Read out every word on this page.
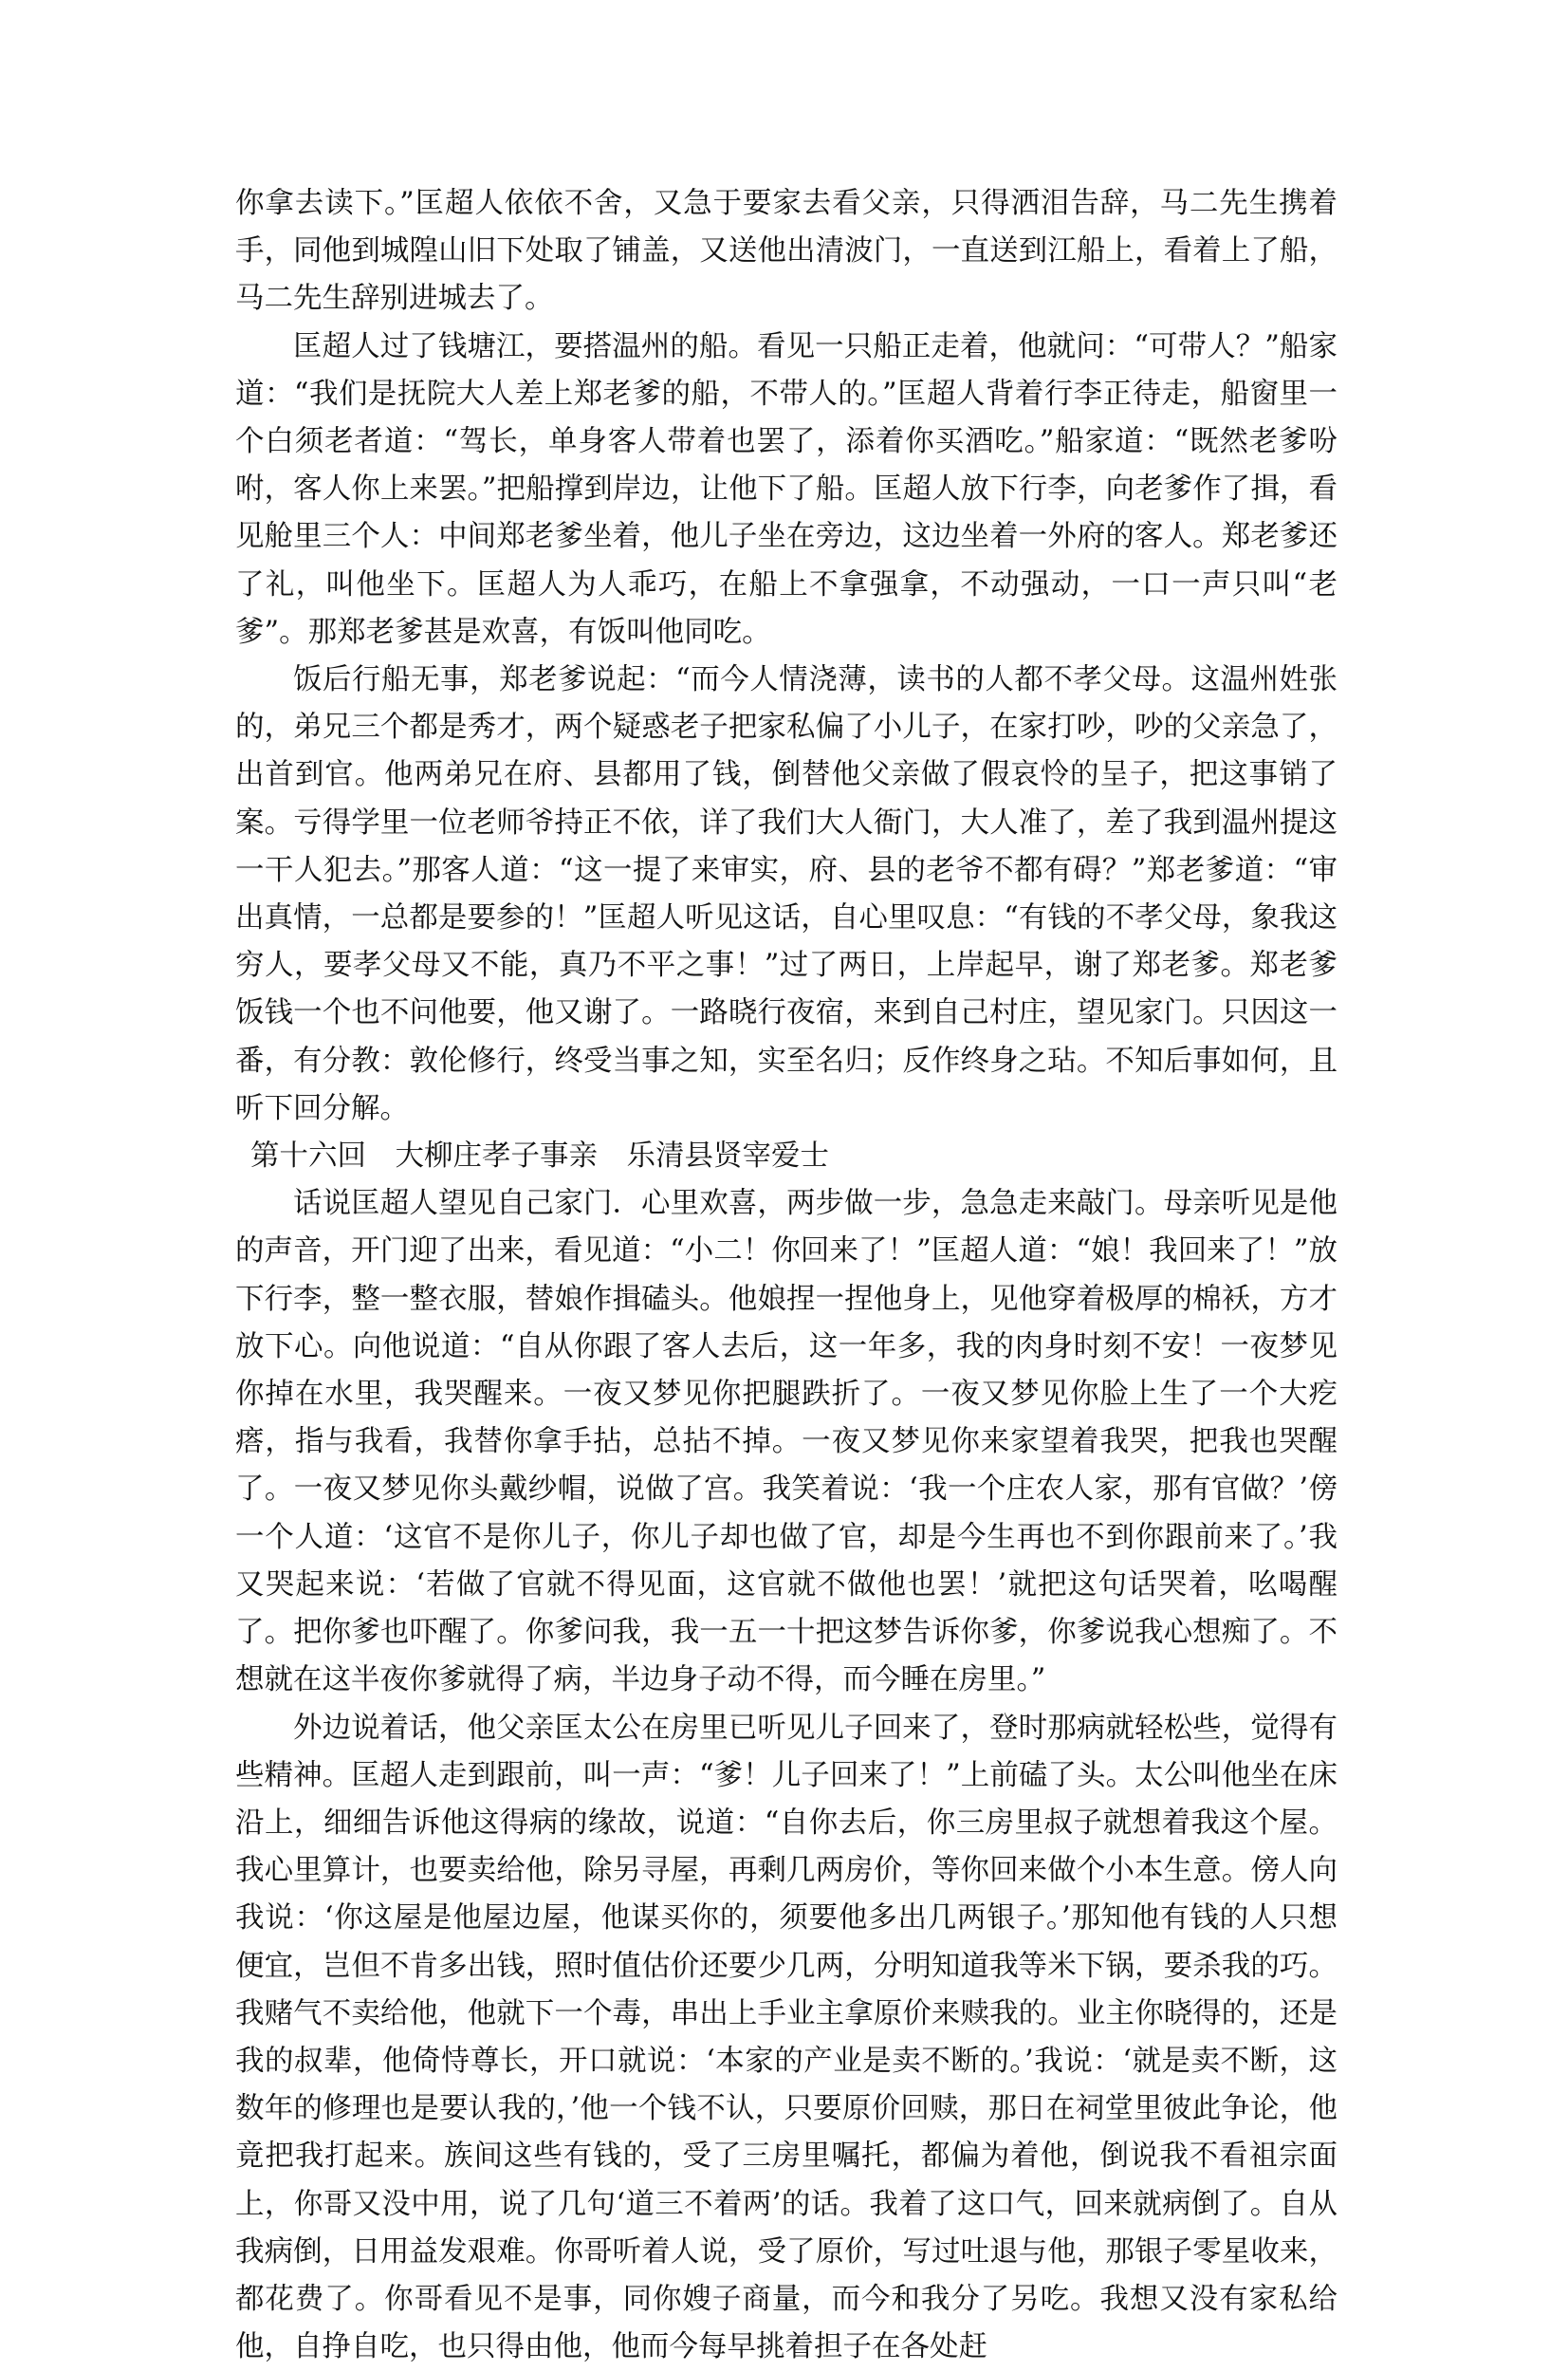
你拿去读下。”匡超人依依不舍，又急于要家去看父亲，只得洒泪告辞，马二先生携着手，同他到城隍山旧下处取了铺盖，又送他出清波门，一直送到江船上，看着上了船，马二先生辞别进城去了。

匡超人过了钱塘江，要搭温州的船。看见一只船正走着，他就问：“可带人？”船家道：“我们是抚院大人差上郑老爹的船，不带人的。”匡超人背着行李正待走，船窗里一个白须老者道：“驾长，单身客人带着也罢了，添着你买酒吃。”船家道：“既然老爹吩咐，客人你上来罢。”把船撑到岸边，让他下了船。匡超人放下行李，向老爹作了揖，看见舱里三个人：中间郑老爹坐着，他儿子坐在旁边，这边坐着一外府的客人。郑老爹还了礼，叫他坐下。匡超人为人乖巧，在船上不拿强拿，不动强动，一口一声只叫“老爹”。那郑老爹甚是欢喜，有饭叫他同吃。

饭后行船无事，郑老爹说起：“而今人情浇薄，读书的人都不孝父母。这温州姓张的，弟兄三个都是秀才，两个疑惑老子把家私偏了小儿子，在家打吵，吵的父亲急了，出首到官。他两弟兄在府、县都用了钱，倒替他父亲做了假哀怜的呈子，把这事销了案。亏得学里一位老师爷持正不依，详了我们大人衙门，大人准了，差了我到温州提这一干人犯去。”那客人道：“这一提了来审实，府、县的老爷不都有碍？”郑老爹道：“审出真情，一总都是要参的！”匡超人听见这话，自心里叹息：“有钱的不孝父母，象我这穷人，要孝父母又不能，真乃不平之事！”过了两日，上岸起早，谢了郑老爹。郑老爹饭钱一个也不问他要，他又谢了。一路晓行夜宿，来到自己村庄，望见家门。只因这一番，有分教：敦伦修行，终受当事之知，实至名归；反作终身之玷。不知后事如何，且听下回分解。

第十六回　大柳庄孝子事亲　乐清县贤宰爱士

话说匡超人望见自己家门．心里欢喜，两步做一步，急急走来敲门。母亲听见是他的声音，开门迎了出来，看见道：“小二！你回来了！”匡超人道：“娘！我回来了！”放下行李，整一整衣服，替娘作揖磕头。他娘捏一捏他身上，见他穿着极厚的棉袄，方才放下心。向他说道：“自从你跟了客人去后，这一年多，我的肉身时刻不安！一夜梦见你掉在水里，我哭醒来。一夜又梦见你把腿跌折了。一夜又梦见你脸上生了一个大疙瘩，指与我看，我替你拿手拈，总拈不掉。一夜又梦见你来家望着我哭，把我也哭醒了。一夜又梦见你头戴纱帽，说做了宫。我笑着说：‘我一个庄农人家，那有官做？’傍一个人道：‘这官不是你儿子，你儿子却也做了官，却是今生再也不到你跟前来了。’我又哭起来说：‘若做了官就不得见面，这官就不做他也罢！’就把这句话哭着，吆喝醒了。把你爹也吓醒了。你爹问我，我一五一十把这梦告诉你爹，你爹说我心想痴了。不想就在这半夜你爹就得了病，半边身子动不得，而今睡在房里。”

外边说着话，他父亲匡太公在房里已听见儿子回来了，登时那病就轻松些，觉得有些精神。匡超人走到跟前，叫一声：“爹！儿子回来了！”上前磕了头。太公叫他坐在床沿上，细细告诉他这得病的缘故，说道：“自你去后，你三房里叔子就想着我这个屋。我心里算计，也要卖给他，除另寻屋，再剩几两房价，等你回来做个小本生意。傍人向我说：‘你这屋是他屋边屋，他谋买你的，须要他多出几两银子。’那知他有钱的人只想便宜，岂但不肯多出钱，照时值估价还要少几两，分明知道我等米下锅，要杀我的巧。我赌气不卖给他，他就下一个毒，串出上手业主拿原价来赎我的。业主你晓得的，还是我的叔辈，他倚恃尊长，开口就说：‘本家的产业是卖不断的。’我说：‘就是卖不断，这数年的修理也是要认我的，’他一个钱不认，只要原价回赎，那日在祠堂里彼此争论，他竟把我打起来。族间这些有钱的，受了三房里嘱托，都偏为着他，倒说我不看祖宗面上，你哥又没中用，说了几句‘道三不着两’的话。我着了这口气，回来就病倒了。自从我病倒，日用益发艰难。你哥听着人说，受了原价，写过吐退与他，那银子零星收来，都花费了。你哥看见不是事，同你嫂子商量，而今和我分了另吃。我想又没有家私给他，自挣自吃，也只得由他，他而今每早挑着担子在各处赶
